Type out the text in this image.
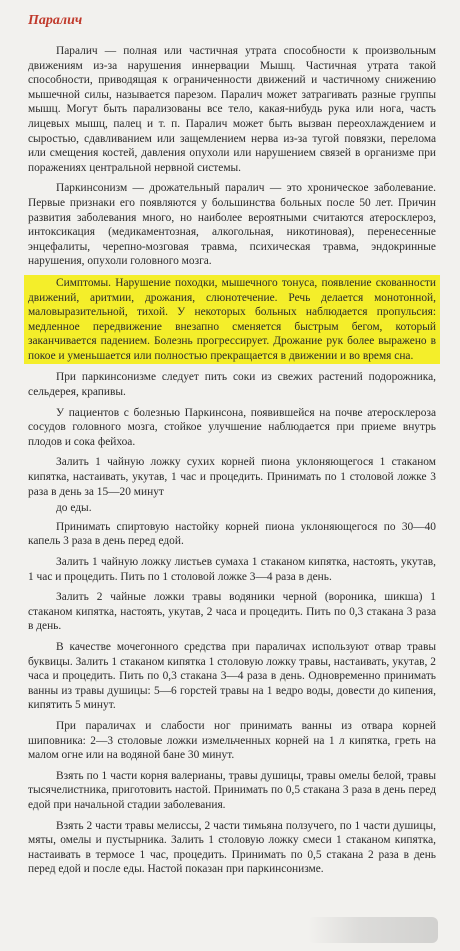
Паралич

Паралич — полная или частичная утрата способности к произвольным движениям из-за нарушения иннервации Мышц. Частичная утрата такой способности, приводящая к ограниченности движений и частичному снижению мышечной силы, называется парезом. Паралич может затрагивать разные группы мышц. Могут быть парализованы все тело, какая-нибудь рука или нога, часть лицевых мышц, палец и т. п. Паралич может быть вызван переохлаждением и сыростью, сдавливанием или защемлением нерва из-за тугой повязки, перелома или смещения костей, давления опухоли или нарушением связей в организме при поражениях центральной нервной системы.

Паркинсонизм — дрожательный паралич — это хроническое заболевание. Первые признаки его появляются у большинства больных после 50 лет. Причин развития заболевания много, но наиболее вероятными считаются атеросклероз, интоксикация (медикаментозная, алкогольная, никотиновая), перенесенные энцефалиты, черепно-мозговая травма, психическая травма, эндокринные нарушения, опухоли головного мозга.

Симптомы. Нарушение походки, мышечного тонуса, появление скованности движений, аритмии, дрожания, слюнотечение. Речь делается монотонной, маловыразительной, тихой. У некоторых больных наблюдается пропульсия: медленное передвижение внезапно сменяется быстрым бегом, который заканчивается падением. Болезнь прогрессирует. Дрожание рук более выражено в покое и уменьшается или полностью прекращается в движении и во время сна.

При паркинсонизме следует пить соки из свежих растений подорожника, сельдерея, крапивы.

У пациентов с болезнью Паркинсона, появившейся на почве атеросклероза сосудов головного мозга, стойкое улучшение наблюдается при приеме внутрь плодов и сока фейхоа.

Залить 1 чайную ложку сухих корней пиона уклоняющегося 1 стаканом кипятка, настаивать, укутав, 1 час и процедить. Принимать по 1 столовой ложке 3 раза в день за 15—20 минут

до еды.

Принимать спиртовую настойку корней пиона уклоняющегося по 30—40 капель 3 раза в день перед едой.

Залить 1 чайную ложку листьев сумаха 1 стаканом кипятка, настоять, укутав, 1 час и процедить. Пить по 1 столовой ложке 3—4 раза в день.

Залить 2 чайные ложки травы водяники черной (вороника, шикша) 1 стаканом кипятка, настоять, укутав, 2 часа и процедить. Пить по 0,3 стакана 3 раза в день.

В качестве мочегонного средства при параличах используют отвар травы буквицы. Залить 1 стаканом кипятка 1 столовую ложку травы, настаивать, укутав, 2 часа и процедить. Пить по 0,3 стакана 3—4 раза в день. Одновременно принимать ванны из травы душицы: 5—6 горстей травы на 1 ведро воды, довести до кипения, кипятить 5 минут.

При параличах и слабости ног принимать ванны из отвара корней шиповника: 2—3 столовые ложки измельченных корней на 1 л кипятка, греть на малом огне или на водяной бане 30 минут.

Взять по 1 части корня валерианы, травы душицы, травы омелы белой, травы тысячелистника, приготовить настой. Принимать по 0,5 стакана 3 раза в день перед едой при начальной стадии заболевания.

Взять 2 части травы мелиссы, 2 части тимьяна ползучего, по 1 части душицы, мяты, омелы и пустырника. Залить 1 столовую ложку смеси 1 стаканом кипятка, настаивать в термосе 1 час, процедить. Принимать по 0,5 стакана 2 раза в день перед едой и после еды. Настой показан при паркинсонизме.
